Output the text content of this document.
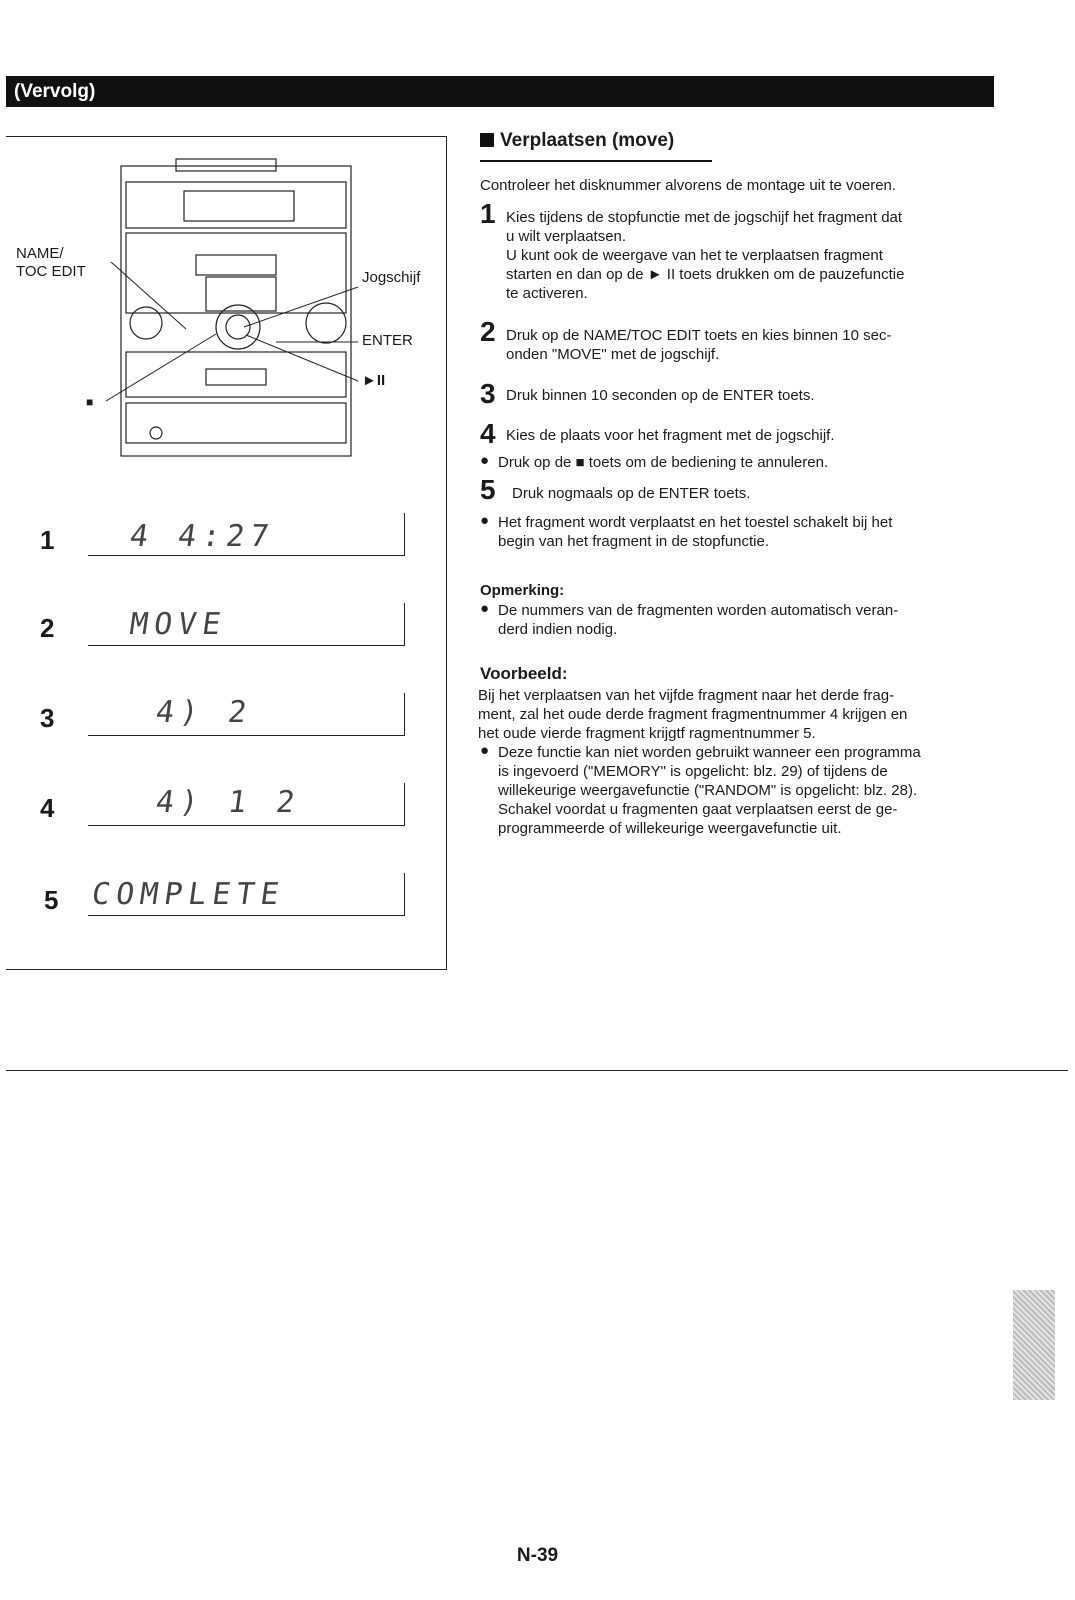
(Vervolg)
NAME/
TOC EDIT	Jogschijf
ENTER
►II
■
1 4 4:27
2 MOVE
3	4) 2
4	4) 1 2
5 COMPLETE
Verplaatsen (move)
Controleer het disknummer alvorens de montage uit te voeren.
1 Kies tijdens de stopfunctie met de jogschijf het fragment dat
u wilt verplaatsen.
U kunt ook de weergave van het te verplaatsen fragment
starten en dan op de ► II toets drukken om de pauzefunctie
te activeren.
2 Druk op de NAME/TOC EDIT toets en kies binnen 10 sec-
onden "MOVE" met de jogschijf.
3 Druk binnen 10 seconden op de ENTER toets.
4 Kies de plaats voor het fragment met de jogschijf.
● Druk op de ■ toets om de bediening te annuleren.
5 Druk nogmaals op de ENTER toets.
● Het fragment wordt verplaatst en het toestel schakelt bij het
begin van het fragment in de stopfunctie.
Opmerking:
● De nummers van de fragmenten worden automatisch veran-
derd indien nodig.
Voorbeeld:
Bij het verplaatsen van het vijfde fragment naar het derde frag-
ment, zal het oude derde fragment fragmentnummer 4 krijgen en
het oude vierde fragment krijgtf ragmentnummer 5.
● Deze functie kan niet worden gebruikt wanneer een programma
is ingevoerd ("MEMORY" is opgelicht: blz. 29) of tijdens de
willekeurige weergavefunctie ("RANDOM" is opgelicht: blz. 28).
Schakel voordat u fragmenten gaat verplaatsen eerst de ge-
programmeerde of willekeurige weergavefunctie uit.
N-39
